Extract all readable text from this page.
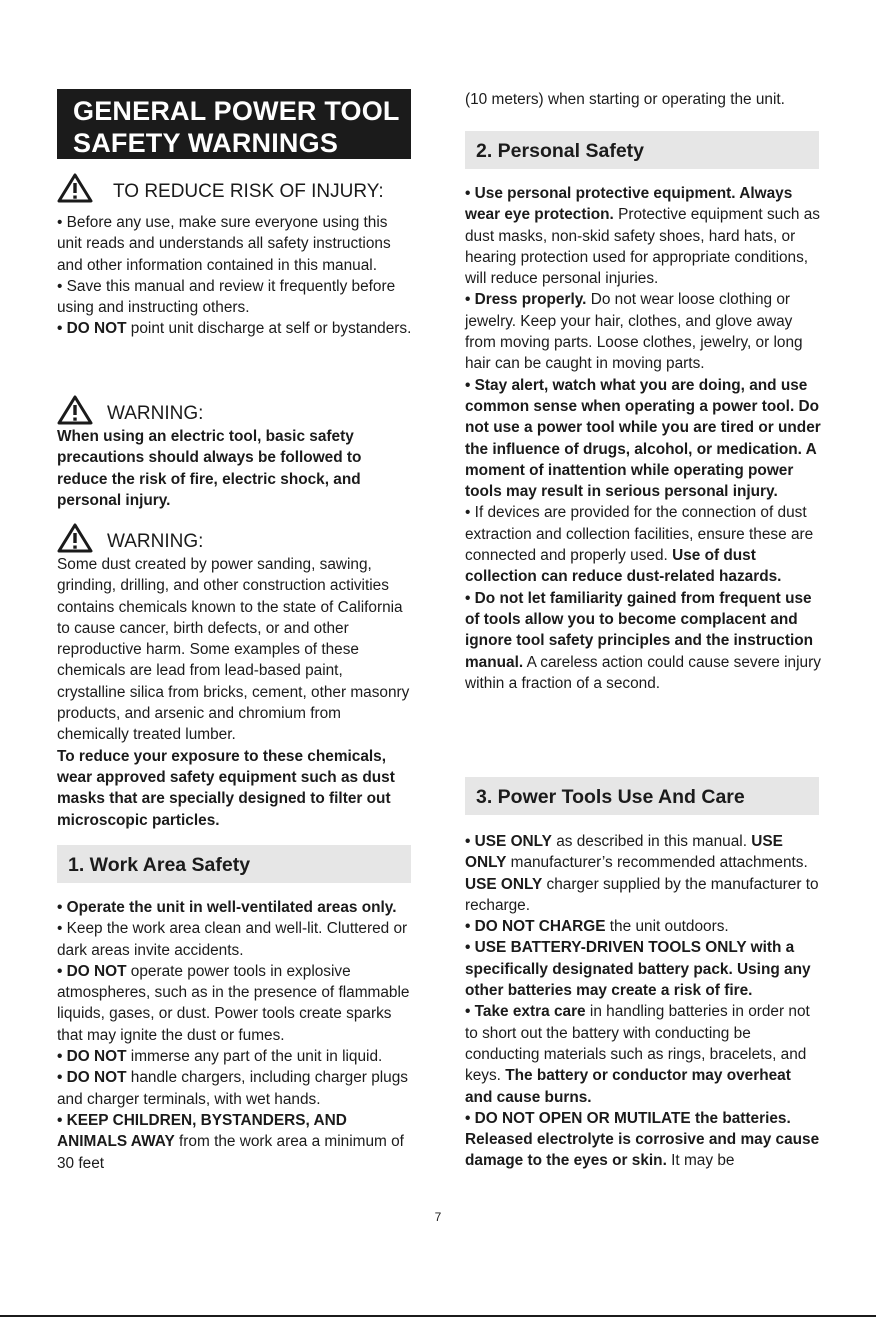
GENERAL POWER TOOL
SAFETY WARNINGS
TO REDUCE RISK OF INJURY:

• Before any use, make sure everyone using this unit reads and understands all safety instructions and other information contained in this manual.

• Save this manual and review it frequently before using and instructing others.

• DO NOT point unit discharge at self or bystanders.

WARNING:
When using an electric tool, basic safety precautions should always be followed to reduce the risk of fire, electric shock, and personal injury.
WARNING:

Some dust created by power sanding, sawing, grinding, drilling, and other construction activities contains chemicals known to the state of California to cause cancer, birth defects, or and other reproductive harm. Some examples of these chemicals are lead from lead-based paint, crystalline silica from bricks, cement, other masonry products, and arsenic and chromium from chemically treated lumber.

To reduce your exposure to these chemicals, wear approved safety equipment such as dust masks that are specially designed to filter out microscopic particles.

1. Work Area Safety

• Operate the unit in well-ventilated areas only.

• Keep the work area clean and well-lit. Cluttered or dark areas invite accidents.

• DO NOT operate power tools in explosive atmospheres, such as in the presence of flammable liquids, gases, or dust. Power tools create sparks that may ignite the dust or fumes.

• DO NOT immerse any part of the unit in liquid.

• DO NOT handle chargers, including charger plugs and charger terminals, with wet hands.

• KEEP CHILDREN, BYSTANDERS, AND ANIMALS AWAY from the work area a minimum of 30 feet

(10 meters) when starting or operating the unit.
2. Personal Safety

• Use personal protective equipment. Always wear eye protection. Protective equipment such as dust masks, non-skid safety shoes, hard hats, or hearing protection used for appropriate conditions, will reduce personal injuries.

• Dress properly. Do not wear loose clothing or jewelry. Keep your hair, clothes, and glove away from moving parts. Loose clothes, jewelry, or long hair can be caught in moving parts.

• Stay alert, watch what you are doing, and use common sense when operating a power tool. Do not use a power tool while you are tired or under the influence of drugs, alcohol, or medication. A moment of inattention while operating power tools may result in serious personal injury.

• If devices are provided for the connection of dust extraction and collection facilities, ensure these are connected and properly used. Use of dust collection can reduce dust-related hazards.

• Do not let familiarity gained from frequent use of tools allow you to become complacent and ignore tool safety principles and the instruction manual. A careless action could cause severe injury within a fraction of a second.

3. Power Tools Use And Care

• USE ONLY as described in this manual. USE ONLY manufacturer’s recommended attachments. USE ONLY charger supplied by the manufacturer to recharge.

• DO NOT CHARGE the unit outdoors.

• USE BATTERY-DRIVEN TOOLS ONLY with a specifically designated battery pack. Using any other batteries may create a risk of fire.

• Take extra care in handling batteries in order not to short out the battery with conducting be conducting materials such as rings, bracelets, and keys. The battery or conductor may overheat and cause burns.

• DO NOT OPEN OR MUTILATE the batteries. Released electrolyte is corrosive and may cause damage to the eyes or skin. It may be

7
